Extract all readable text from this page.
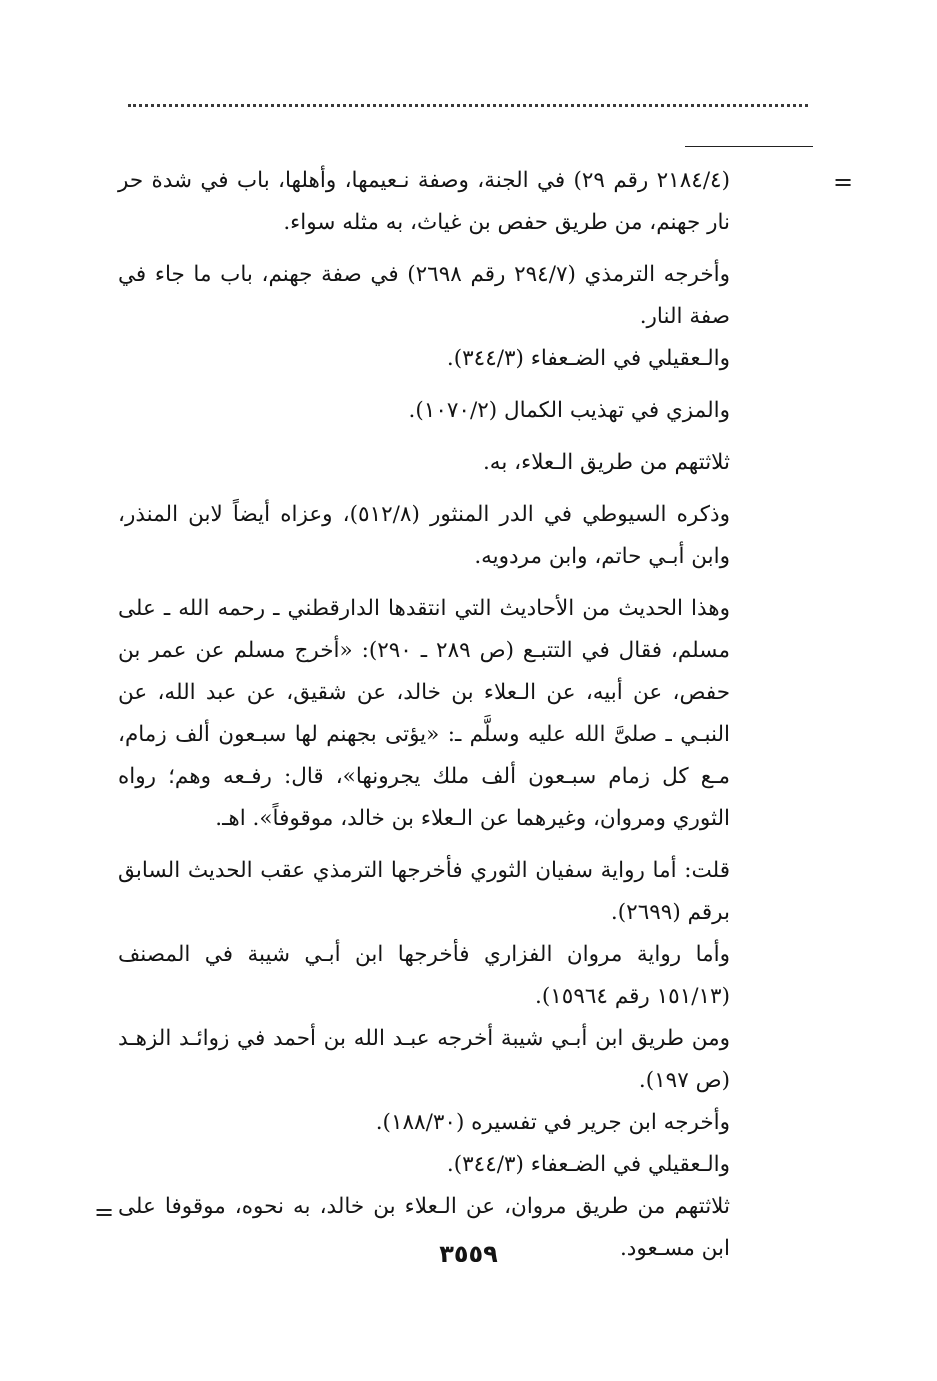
=

(٢١٨٤/٤ رقم ٢٩) في الجنة، وصفة نـعيمها، وأهلها، باب في شدة حر نار جهنم، من طريق حفص بن غياث، به مثله سواء.

وأخرجه الترمذي (٢٩٤/٧ رقم ٢٦٩٨) في صفة جهنم، باب ما جاء في صفة النار.

والـعقيلي في الضـعفاء (٣٤٤/٣).

والمزي في تهذيب الكمال (١٠٧٠/٢).

ثلاثتهم من طريق الـعلاء، به.

وذكره السيوطي في الدر المنثور (٥١٢/٨)، وعزاه أيضاً لابن المنذر، وابن أبـي حاتم، وابن مردويه.

وهذا الحديث من الأحاديث التي انتقدها الدارقطني ـ رحمه الله ـ على مسلم، فقال في التتبـع (ص ٢٨٩ ـ ٢٩٠): «أخرج مسلم عن عمر بن حفص، عن أبيه، عن الـعلاء بن خالد، عن شقيق، عن عبد الله، عن النبـي ـ صلىَّ الله عليه وسلَّم ـ: «يؤتى بجهنم لها سبـعون ألف زمام، مـع كل زمام سبـعون ألف ملك يجرونها»، قال: رفـعه وهم؛ رواه الثوري ومروان، وغيرهما عن الـعلاء بن خالد، موقوفاً». اهـ.

قلت: أما رواية سفيان الثوري فأخرجها الترمذي عقب الحديث السابق برقم (٢٦٩٩).

وأما رواية مروان الفزاري فأخرجها ابن أبـي شيبة في المصنف (١٥١/١٣ رقم ١٥٩٦٤).

ومن طريق ابن أبـي شيبة أخرجه عبـد الله بن أحمد في زوائـد الزهـد (ص ١٩٧).

وأخرجه ابن جرير في تفسيره (١٨٨/٣٠).

والـعقيلي في الضـعفاء (٣٤٤/٣).

ثلاثتهم من طريق مروان، عن الـعلاء بن خالد، به نحوه، موقوفا على ابن مسـعود.

=
٣٥٥٩
